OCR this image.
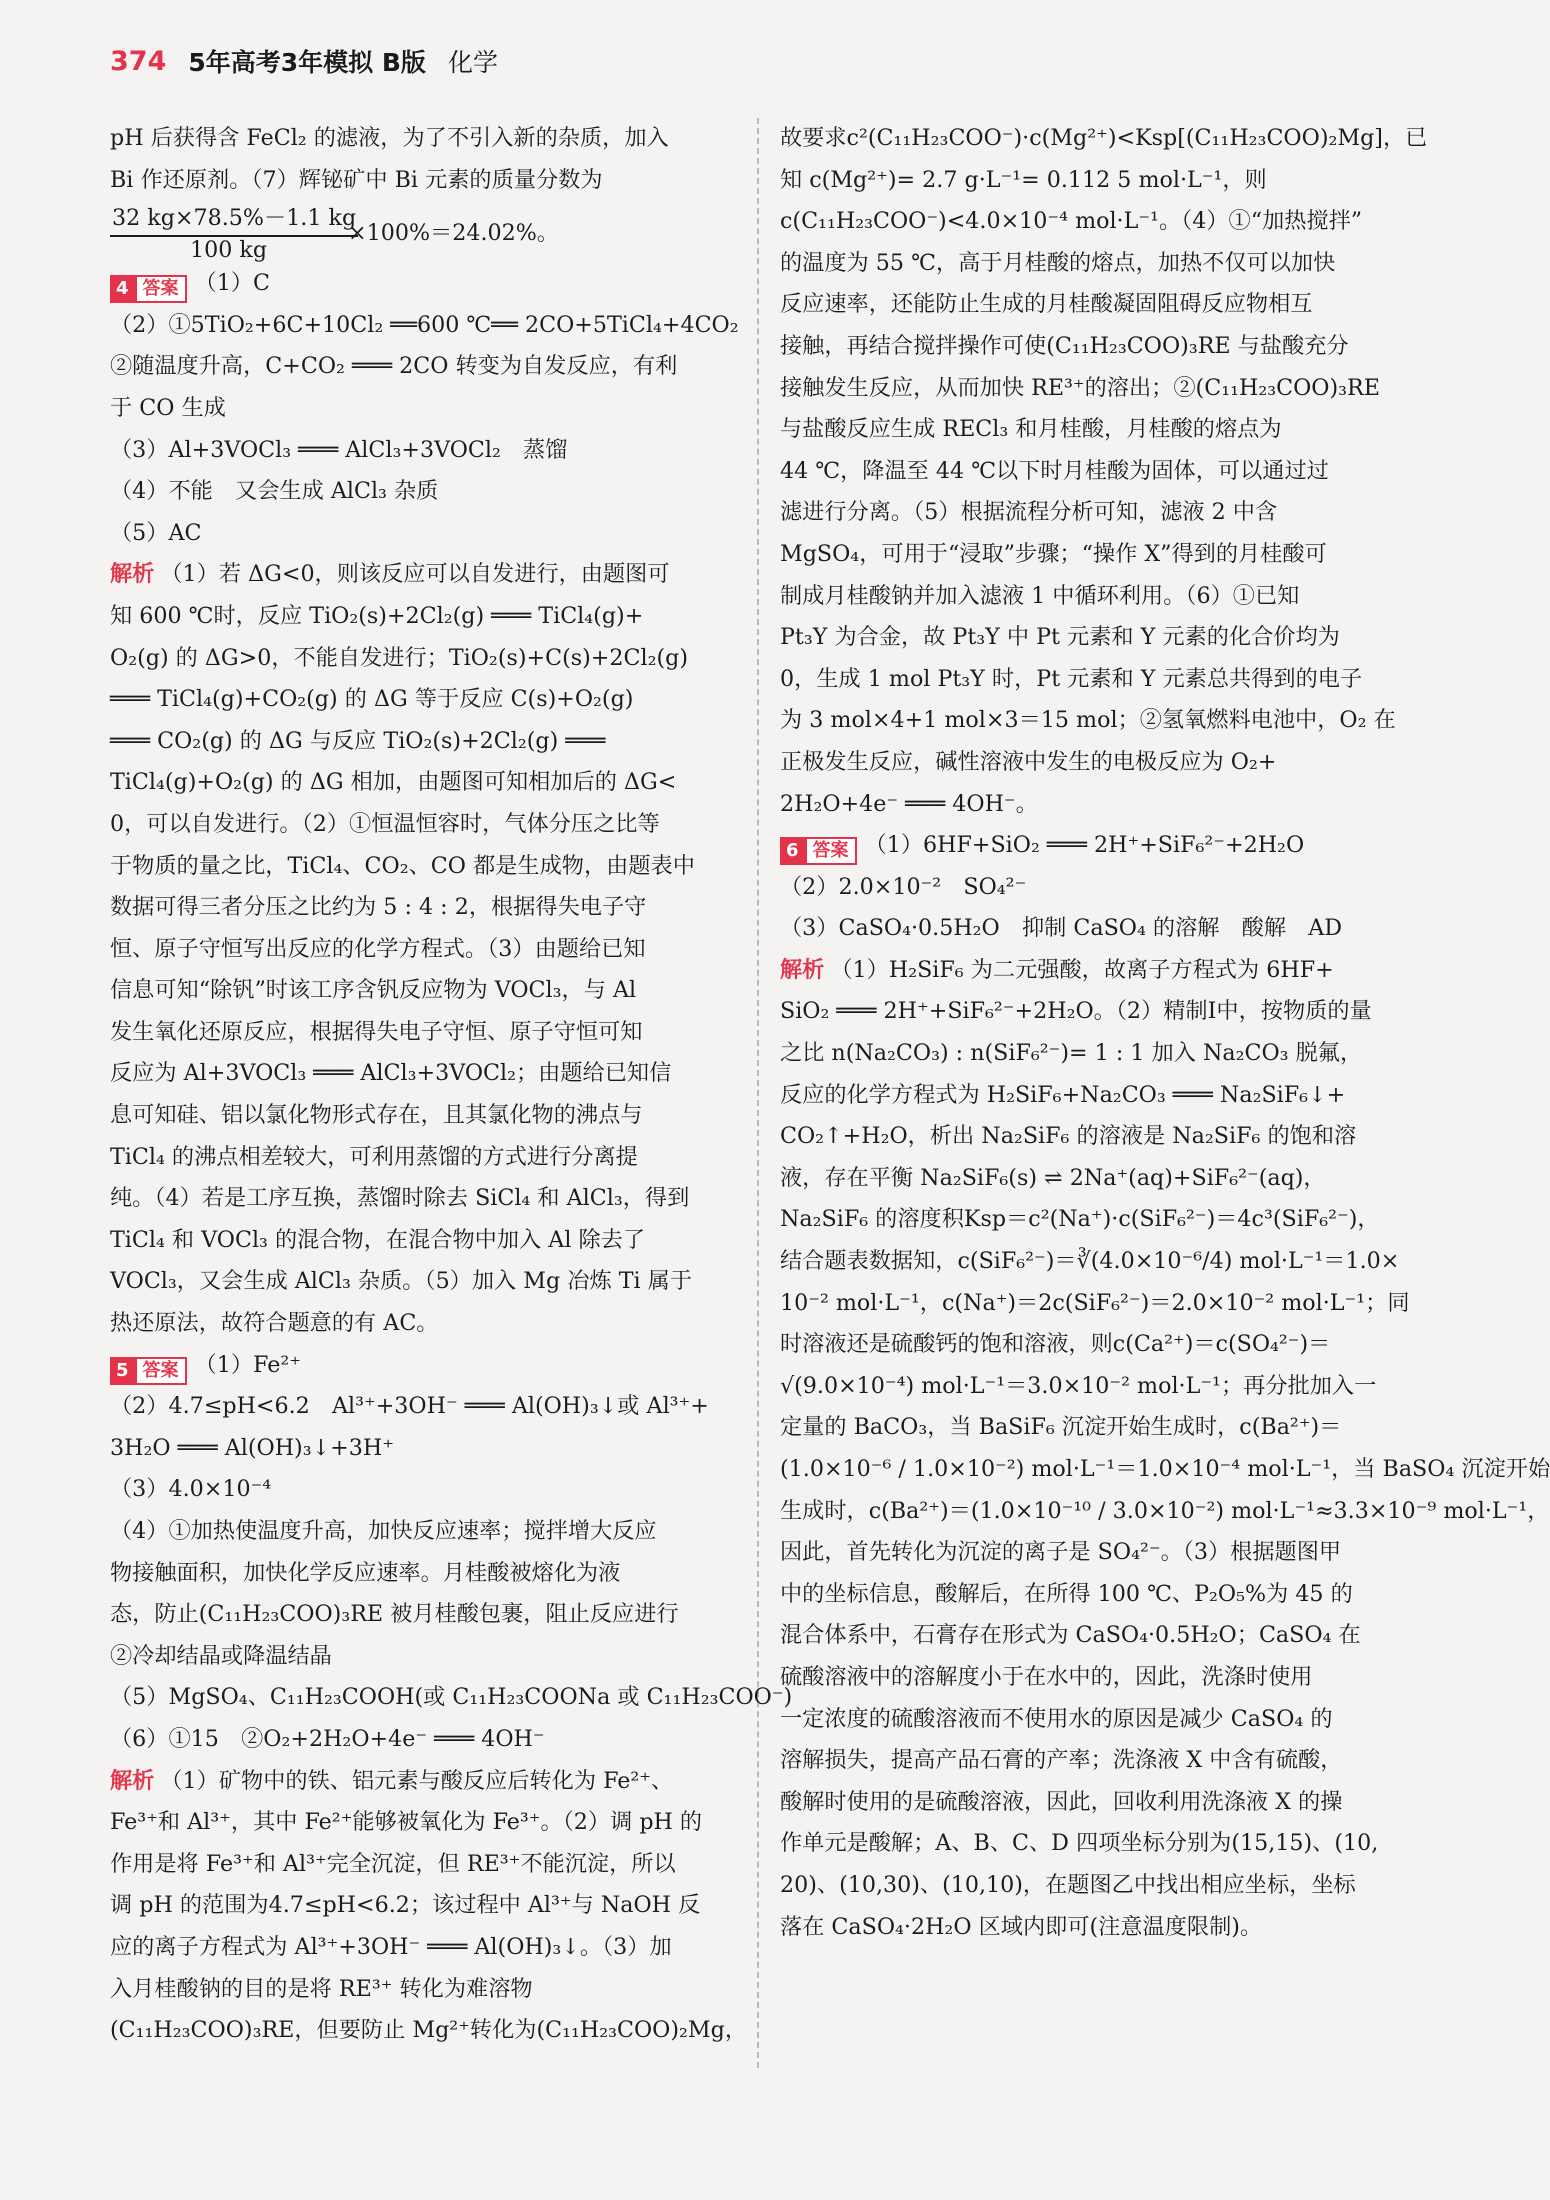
374 5年高考3年模拟 B版 化学
pH 后获得含 FeCl₂ 的滤液，为了不引入新的杂质，加入
Bi 作还原剂。（7）辉铋矿中 Bi 元素的质量分数为
32 kg×78.5%－1.1 kg
100 kg
×100%＝24.02%。
4 答案 （1）C
（2）①5TiO₂+6C+10Cl₂ ══600 ℃══ 2CO+5TiCl₄+4CO₂
②随温度升高，C+CO₂ ═══ 2CO 转变为自发反应，有利
于 CO 生成
（3）Al+3VOCl₃ ═══ AlCl₃+3VOCl₂　蒸馏
（4）不能　又会生成 AlCl₃ 杂质
（5）AC
解析 （1）若 ΔG<0，则该反应可以自发进行，由题图可
知 600 ℃时，反应 TiO₂(s)+2Cl₂(g) ═══ TiCl₄(g)+
O₂(g) 的 ΔG>0，不能自发进行；TiO₂(s)+C(s)+2Cl₂(g)
═══ TiCl₄(g)+CO₂(g) 的 ΔG 等于反应 C(s)+O₂(g)
═══ CO₂(g) 的 ΔG 与反应 TiO₂(s)+2Cl₂(g) ═══
TiCl₄(g)+O₂(g) 的 ΔG 相加，由题图可知相加后的 ΔG<
0，可以自发进行。（2）①恒温恒容时，气体分压之比等
于物质的量之比，TiCl₄、CO₂、CO 都是生成物，由题表中
数据可得三者分压之比约为 5 : 4 : 2，根据得失电子守
恒、原子守恒写出反应的化学方程式。（3）由题给已知
信息可知“除钒”时该工序含钒反应物为 VOCl₃，与 Al
发生氧化还原反应，根据得失电子守恒、原子守恒可知
反应为 Al+3VOCl₃ ═══ AlCl₃+3VOCl₂；由题给已知信
息可知硅、铝以氯化物形式存在，且其氯化物的沸点与
TiCl₄ 的沸点相差较大，可利用蒸馏的方式进行分离提
纯。（4）若是工序互换，蒸馏时除去 SiCl₄ 和 AlCl₃，得到
TiCl₄ 和 VOCl₃ 的混合物，在混合物中加入 Al 除去了
VOCl₃，又会生成 AlCl₃ 杂质。（5）加入 Mg 冶炼 Ti 属于
热还原法，故符合题意的有 AC。
5 答案 （1）Fe²⁺
（2）4.7≤pH<6.2　Al³⁺+3OH⁻ ═══ Al(OH)₃↓或 Al³⁺+
3H₂O ═══ Al(OH)₃↓+3H⁺
（3）4.0×10⁻⁴
（4）①加热使温度升高，加快反应速率；搅拌增大反应
物接触面积，加快化学反应速率。月桂酸被熔化为液
态，防止(C₁₁H₂₃COO)₃RE 被月桂酸包裹，阻止反应进行
②冷却结晶或降温结晶
（5）MgSO₄、C₁₁H₂₃COOH(或 C₁₁H₂₃COONa 或 C₁₁H₂₃COO⁻)
（6）①15　②O₂+2H₂O+4e⁻ ═══ 4OH⁻
解析 （1）矿物中的铁、铝元素与酸反应后转化为 Fe²⁺、
Fe³⁺和 Al³⁺，其中 Fe²⁺能够被氧化为 Fe³⁺。（2）调 pH 的
作用是将 Fe³⁺和 Al³⁺完全沉淀，但 RE³⁺不能沉淀，所以
调 pH 的范围为4.7≤pH<6.2；该过程中 Al³⁺与 NaOH 反
应的离子方程式为 Al³⁺+3OH⁻ ═══ Al(OH)₃↓。（3）加
入月桂酸钠的目的是将 RE³⁺ 转化为难溶物
(C₁₁H₂₃COO)₃RE，但要防止 Mg²⁺转化为(C₁₁H₂₃COO)₂Mg，
故要求c²(C₁₁H₂₃COO⁻)·c(Mg²⁺)<Ksp[(C₁₁H₂₃COO)₂Mg]，已
知 c(Mg²⁺)= 2.7 g·L⁻¹= 0.112 5 mol·L⁻¹，则
c(C₁₁H₂₃COO⁻)<4.0×10⁻⁴ mol·L⁻¹。（4）①“加热搅拌”
的温度为 55 ℃，高于月桂酸的熔点，加热不仅可以加快
反应速率，还能防止生成的月桂酸凝固阻碍反应物相互
接触，再结合搅拌操作可使(C₁₁H₂₃COO)₃RE 与盐酸充分
接触发生反应，从而加快 RE³⁺的溶出；②(C₁₁H₂₃COO)₃RE
与盐酸反应生成 RECl₃ 和月桂酸，月桂酸的熔点为
44 ℃，降温至 44 ℃以下时月桂酸为固体，可以通过过
滤进行分离。（5）根据流程分析可知，滤液 2 中含
MgSO₄，可用于“浸取”步骤；“操作 X”得到的月桂酸可
制成月桂酸钠并加入滤液 1 中循环利用。（6）①已知
Pt₃Y 为合金，故 Pt₃Y 中 Pt 元素和 Y 元素的化合价均为
0，生成 1 mol Pt₃Y 时，Pt 元素和 Y 元素总共得到的电子
为 3 mol×4+1 mol×3＝15 mol；②氢氧燃料电池中，O₂ 在
正极发生反应，碱性溶液中发生的电极反应为 O₂+
2H₂O+4e⁻ ═══ 4OH⁻。
6 答案 （1）6HF+SiO₂ ═══ 2H⁺+SiF₆²⁻+2H₂O
（2）2.0×10⁻²　SO₄²⁻
（3）CaSO₄·0.5H₂O　抑制 CaSO₄ 的溶解　酸解　AD
解析 （1）H₂SiF₆ 为二元强酸，故离子方程式为 6HF+
SiO₂ ═══ 2H⁺+SiF₆²⁻+2H₂O。（2）精制Ⅰ中，按物质的量
之比 n(Na₂CO₃) : n(SiF₆²⁻)= 1 : 1 加入 Na₂CO₃ 脱氟，
反应的化学方程式为 H₂SiF₆+Na₂CO₃ ═══ Na₂SiF₆↓+
CO₂↑+H₂O，析出 Na₂SiF₆ 的溶液是 Na₂SiF₆ 的饱和溶
液，存在平衡 Na₂SiF₆(s) ⇌ 2Na⁺(aq)+SiF₆²⁻(aq)，
Na₂SiF₆ 的溶度积Ksp＝c²(Na⁺)·c(SiF₆²⁻)＝4c³(SiF₆²⁻)，
结合题表数据知，c(SiF₆²⁻)＝∛(4.0×10⁻⁶/4) mol·L⁻¹＝1.0×
10⁻² mol·L⁻¹，c(Na⁺)＝2c(SiF₆²⁻)＝2.0×10⁻² mol·L⁻¹；同
时溶液还是硫酸钙的饱和溶液，则c(Ca²⁺)＝c(SO₄²⁻)＝
√(9.0×10⁻⁴) mol·L⁻¹＝3.0×10⁻² mol·L⁻¹；再分批加入一
定量的 BaCO₃，当 BaSiF₆ 沉淀开始生成时，c(Ba²⁺)＝
(1.0×10⁻⁶ / 1.0×10⁻²) mol·L⁻¹＝1.0×10⁻⁴ mol·L⁻¹，当 BaSO₄ 沉淀开始
生成时，c(Ba²⁺)＝(1.0×10⁻¹⁰ / 3.0×10⁻²) mol·L⁻¹≈3.3×10⁻⁹ mol·L⁻¹，
因此，首先转化为沉淀的离子是 SO₄²⁻。（3）根据题图甲
中的坐标信息，酸解后，在所得 100 ℃、P₂O₅%为 45 的
混合体系中，石膏存在形式为 CaSO₄·0.5H₂O；CaSO₄ 在
硫酸溶液中的溶解度小于在水中的，因此，洗涤时使用
一定浓度的硫酸溶液而不使用水的原因是减少 CaSO₄ 的
溶解损失，提高产品石膏的产率；洗涤液 X 中含有硫酸，
酸解时使用的是硫酸溶液，因此，回收利用洗涤液 X 的操
作单元是酸解；A、B、C、D 四项坐标分别为(15,15)、(10,
20)、(10,30)、(10,10)，在题图乙中找出相应坐标，坐标
落在 CaSO₄·2H₂O 区域内即可(注意温度限制)。
